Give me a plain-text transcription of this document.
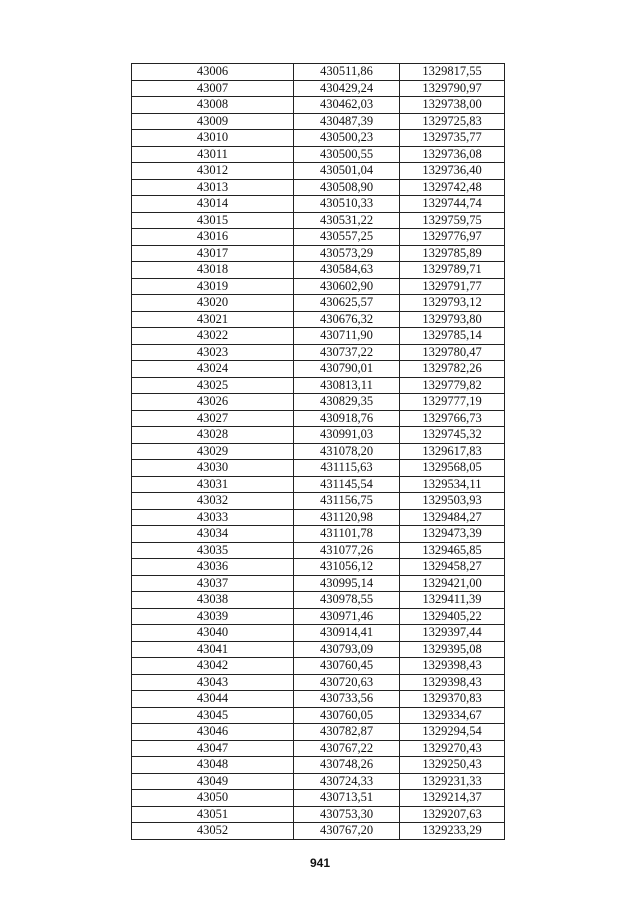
43006	430511,86	1329817,55
43007	430429,24	1329790,97
43008	430462,03	1329738,00
43009	430487,39	1329725,83
43010	430500,23	1329735,77
43011	430500,55	1329736,08
43012	430501,04	1329736,40
43013	430508,90	1329742,48
43014	430510,33	1329744,74
43015	430531,22	1329759,75
43016	430557,25	1329776,97
43017	430573,29	1329785,89
43018	430584,63	1329789,71
43019	430602,90	1329791,77
43020	430625,57	1329793,12
43021	430676,32	1329793,80
43022	430711,90	1329785,14
43023	430737,22	1329780,47
43024	430790,01	1329782,26
43025	430813,11	1329779,82
43026	430829,35	1329777,19
43027	430918,76	1329766,73
43028	430991,03	1329745,32
43029	431078,20	1329617,83
43030	431115,63	1329568,05
43031	431145,54	1329534,11
43032	431156,75	1329503,93
43033	431120,98	1329484,27
43034	431101,78	1329473,39
43035	431077,26	1329465,85
43036	431056,12	1329458,27
43037	430995,14	1329421,00
43038	430978,55	1329411,39
43039	430971,46	1329405,22
43040	430914,41	1329397,44
43041	430793,09	1329395,08
43042	430760,45	1329398,43
43043	430720,63	1329398,43
43044	430733,56	1329370,83
43045	430760,05	1329334,67
43046	430782,87	1329294,54
43047	430767,22	1329270,43
43048	430748,26	1329250,43
43049	430724,33	1329231,33
43050	430713,51	1329214,37
43051	430753,30	1329207,63
43052	430767,20	1329233,29
941
